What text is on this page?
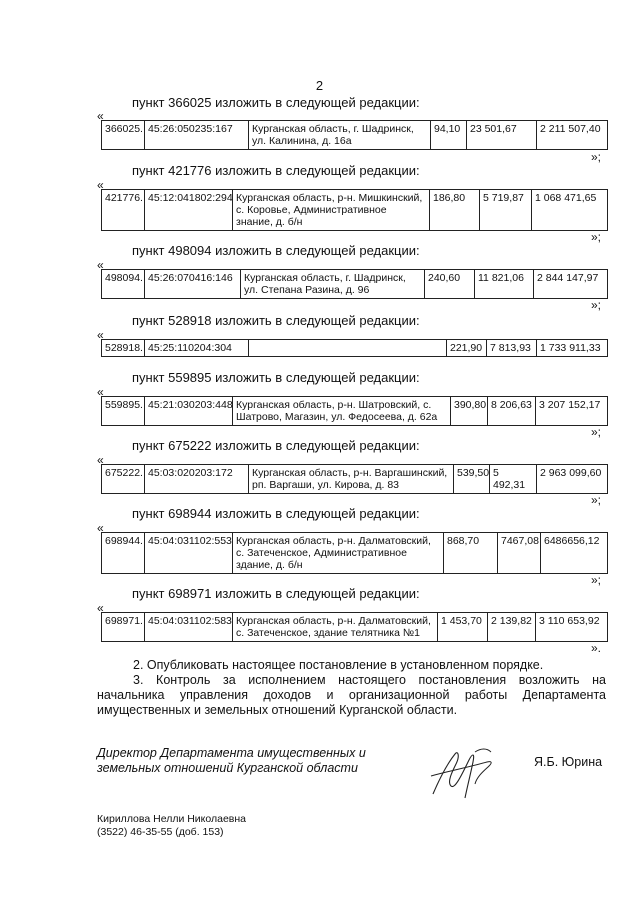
2
пункт 366025 изложить в следующей редакции:
«
366025.	45:26:050235:167	Курганская область, г. Шадринск, ул. Калинина, д. 16а	94,10	23 501,67	2 211 507,40
»;
пункт 421776 изложить в следующей редакции:
«
421776.	45:12:041802:294	Курганская область, р-н. Мишкинский, с. Коровье, Административное знание, д. б/н	186,80	5 719,87	1 068 471,65
»;
пункт 498094 изложить в следующей редакции:
«
498094.	45:26:070416:146	Курганская область, г. Шадринск, ул. Степана Разина, д. 96	240,60	11 821,06	2 844 147,97
»;
пункт 528918 изложить в следующей редакции:
«
528918.	45:25:110204:304		221,90	7 813,93	1 733 911,33
пункт 559895 изложить в следующей редакции:
«
559895.	45:21:030203:448	Курганская область, р-н. Шатровский, с. Шатрово, Магазин, ул. Федосеева, д. 62а	390,80	8 206,63	3 207 152,17
»;
пункт 675222 изложить в следующей редакции:
«
675222.	45:03:020203:172	Курганская область, р-н. Варгашинский, рп. Варгаши, ул. Кирова, д. 83	539,50	5 492,31	2 963 099,60
»;
пункт 698944 изложить в следующей редакции:
«
698944.	45:04:031102:553	Курганская область, р-н. Далматовский, с. Затеченское, Административное здание, д. б/н	868,70	7467,08	6486656,12
»;
пункт 698971 изложить в следующей редакции:
«
698971.	45:04:031102:583	Курганская область, р-н. Далматовский, с. Затеченское, здание телятника №1	1 453,70	2 139,82	3 110 653,92
».
2. Опубликовать настоящее постановление в установленном порядке.
3. Контроль за исполнением настоящего постановления возложить на начальника управления доходов и организационной работы Департамента имущественных и земельных отношений Курганской области.
Директор Департамента имущественных и
земельных отношений Курганской области	Я.Б. Юрина
Кириллова Нелли Николаевна
(3522) 46-35-55 (доб. 153)
